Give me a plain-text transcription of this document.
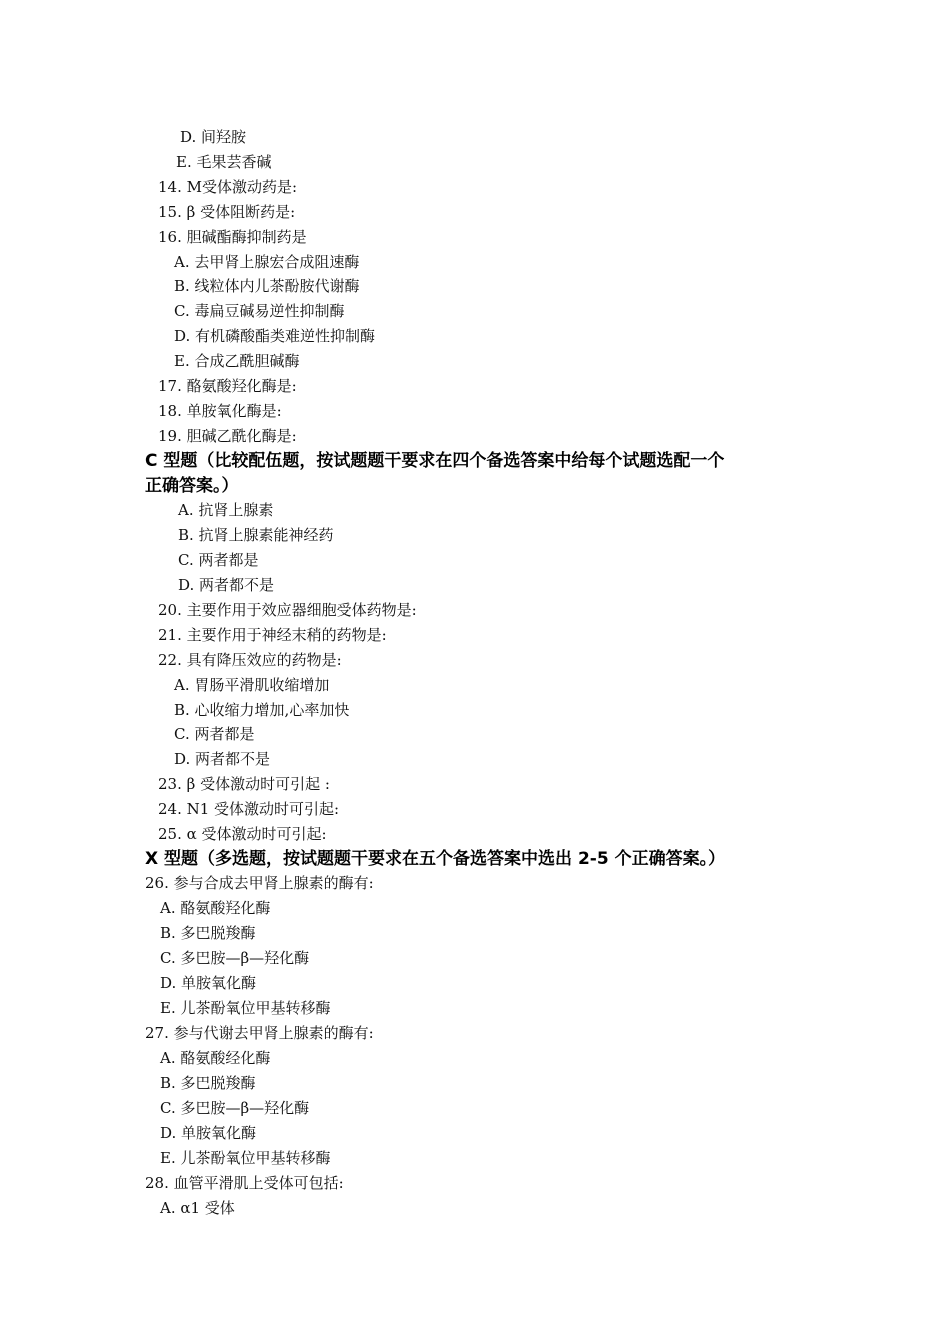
D. 间羟胺
E. 毛果芸香碱
14. M受体激动药是:
15. β 受体阻断药是:
16. 胆碱酯酶抑制药是
A. 去甲肾上腺宏合成阻速酶
B. 线粒体内儿茶酚胺代谢酶
C. 毒扁豆碱易逆性抑制酶
D. 有机磷酸酯类难逆性抑制酶
E. 合成乙酰胆碱酶
17. 酪氨酸羟化酶是:
18. 单胺氧化酶是:
19. 胆碱乙酰化酶是:
C 型题（比较配伍题，按试题题干要求在四个备选答案中给每个试题选配一个
正确答案。）
A. 抗肾上腺素
B. 抗肾上腺素能神经药
C. 两者都是
D. 两者都不是
20. 主要作用于效应器细胞受体药物是:
21. 主要作用于神经末稍的药物是:
22. 具有降压效应的药物是:
A. 胃肠平滑肌收缩增加
B. 心收缩力增加,心率加快
C. 两者都是
D. 两者都不是
23. β 受体激动时可引起 :
24. N1 受体激动时可引起:
25. α 受体激动时可引起:
X 型题（多选题，按试题题干要求在五个备选答案中选出 2-5 个正确答案。）
26. 参与合成去甲肾上腺素的酶有:
A. 酪氨酸羟化酶
B. 多巴脱羧酶
C. 多巴胺—β—羟化酶
D. 单胺氧化酶
E. 儿茶酚氧位甲基转移酶
27. 参与代谢去甲肾上腺素的酶有:
A. 酪氨酸经化酶
B. 多巴脱羧酶
C. 多巴胺—β—羟化酶
D. 单胺氧化酶
E. 儿茶酚氧位甲基转移酶
28. 血管平滑肌上受体可包括:
A. α1 受体
